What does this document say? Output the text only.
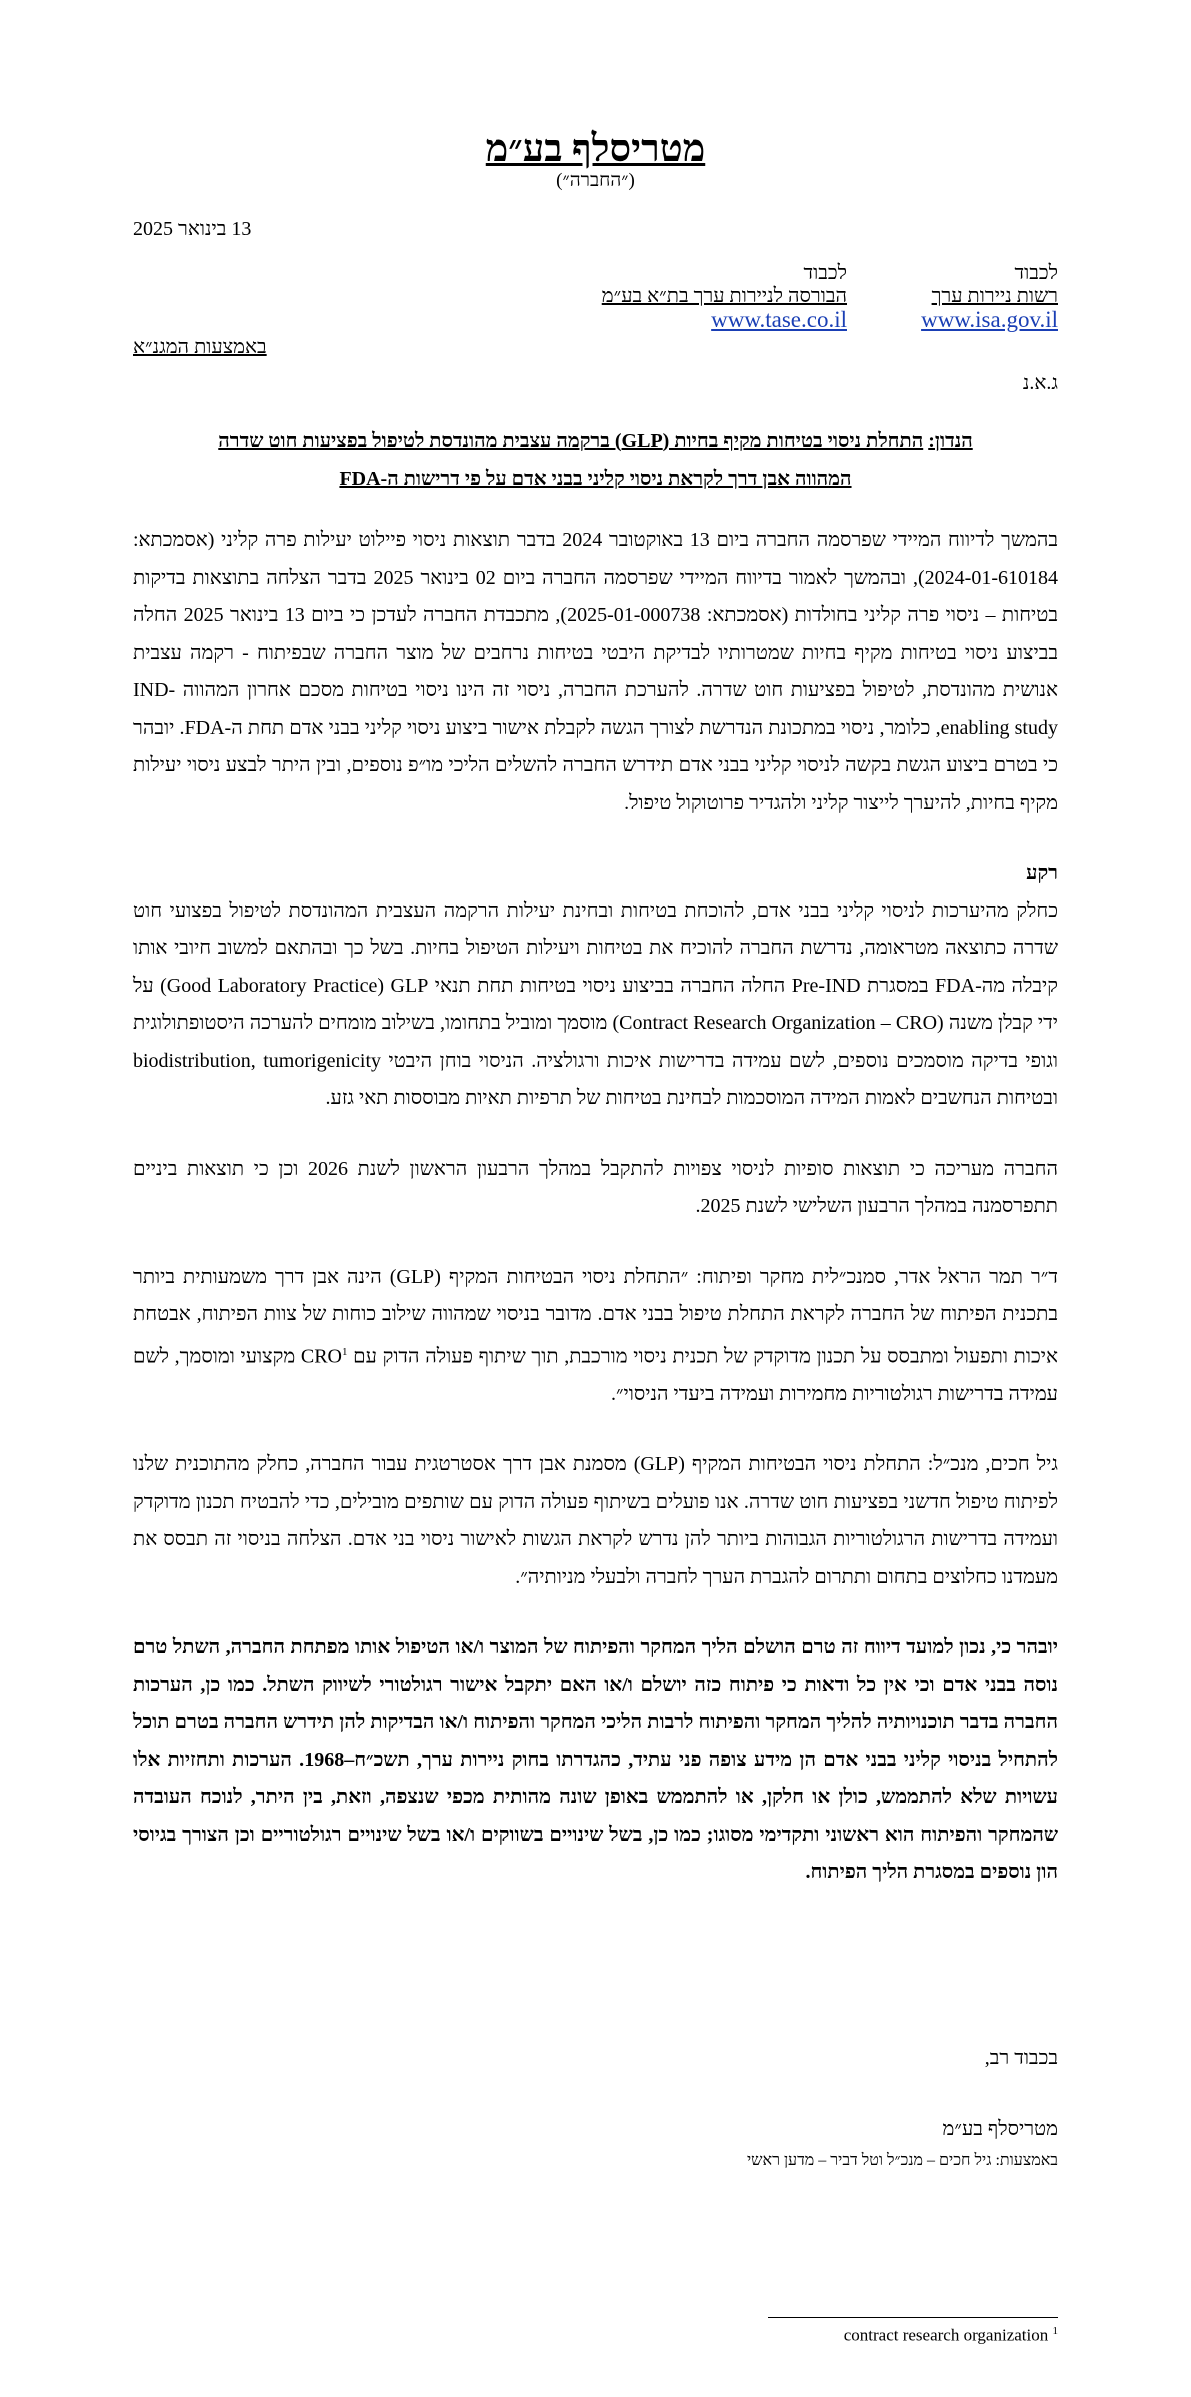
מטריסלף בע״מ
(״החברה״)
13 בינואר 2025
לכבוד
רשות ניירות ערך
www.isa.gov.il
לכבוד
הבורסה לניירות ערך בת״א בע״מ
www.tase.co.il
באמצעות המגנ״א
ג.א.נ
הנדון: התחלת ניסוי בטיחות מקיף בחיות (GLP) ברקמה עצבית מהונדסת לטיפול בפציעות חוט שדרה
המהווה אבן דרך לקראת ניסוי קליני בבני אדם על פי דרישות ה-FDA

בהמשך לדיווח המיידי שפרסמה החברה ביום 13 באוקטובר 2024 בדבר תוצאות ניסוי פיילוט יעילות פרה קליני (אסמכתא: 2024-01-610184), ובהמשך לאמור בדיווח המיידי שפרסמה החברה ביום 02 בינואר 2025 בדבר הצלחה בתוצאות בדיקות בטיחות – ניסוי פרה קליני בחולדות (אסמכתא: 2025-01-000738), מתכבדת החברה לעדכן כי ביום 13 בינואר 2025 החלה בביצוע ניסוי בטיחות מקיף בחיות שמטרותיו לבדיקת היבטי בטיחות נרחבים של מוצר החברה שבפיתוח - רקמה עצבית אנושית מהונדסת, לטיפול בפציעות חוט שדרה. להערכת החברה, ניסוי זה הינו ניסוי בטיחות מסכם אחרון המהווה IND-enabling study, כלומר, ניסוי במתכונת הנדרשת לצורך הגשה לקבלת אישור ביצוע ניסוי קליני בבני אדם תחת ה-FDA. יובהר כי בטרם ביצוע הגשת בקשה לניסוי קליני בבני אדם תידרש החברה להשלים הליכי מו״פ נוספים, ובין היתר לבצע ניסוי יעילות מקיף בחיות, להיערך לייצור קליני ולהגדיר פרוטוקול טיפול.

רקע

כחלק מהיערכות לניסוי קליני בבני אדם, להוכחת בטיחות ובחינת יעילות הרקמה העצבית המהונדסת לטיפול בפצועי חוט שדרה כתוצאה מטראומה, נדרשת החברה להוכיח את בטיחות ויעילות הטיפול בחיות. בשל כך ובהתאם למשוב חיובי אותו קיבלה מה-FDA במסגרת Pre-IND החלה החברה בביצוע ניסוי בטיחות תחת תנאי Good Laboratory Practice) GLP) על ידי קבלן משנה (Contract Research Organization – CRO) מוסמך ומוביל בתחומו, בשילוב מומחים להערכה היסטופתולוגית וגופי בדיקה מוסמכים נוספים, לשם עמידה בדרישות איכות ורגולציה. הניסוי בוחן היבטי biodistribution, tumorigenicity ובטיחות הנחשבים לאמות המידה המוסכמות לבחינת בטיחות של תרפיות תאיות מבוססות תאי גזע.

החברה מעריכה כי תוצאות סופיות לניסוי צפויות להתקבל במהלך הרבעון הראשון לשנת 2026 וכן כי תוצאות ביניים תתפרסמנה במהלך הרבעון השלישי לשנת 2025.

ד״ר תמר הראל אדר, סמנכ״לית מחקר ופיתוח: ״התחלת ניסוי הבטיחות המקיף (GLP) הינה אבן דרך משמעותית ביותר בתכנית הפיתוח של החברה לקראת התחלת טיפול בבני אדם. מדובר בניסוי שמהווה שילוב כוחות של צוות הפיתוח, אבטחת איכות ותפעול ומתבסס על תכנון מדוקדק של תכנית ניסוי מורכבת, תוך שיתוף פעולה הדוק עם CRO$^1$ מקצועי ומוסמך, לשם עמידה בדרישות רגולטוריות מחמירות ועמידה ביעדי הניסוי״.

גיל חכים, מנכ״ל: התחלת ניסוי הבטיחות המקיף (GLP) מסמנת אבן דרך אסטרטגית עבור החברה, כחלק מהתוכנית שלנו לפיתוח טיפול חדשני בפציעות חוט שדרה. אנו פועלים בשיתוף פעולה הדוק עם שותפים מובילים, כדי להבטיח תכנון מדוקדק ועמידה בדרישות הרגולטוריות הגבוהות ביותר להן נדרש לקראת הגשות לאישור ניסוי בני אדם. הצלחה בניסוי זה תבסס את מעמדנו כחלוצים בתחום ותתרום להגברת הערך לחברה ולבעלי מניותיה״.

יובהר כי, נכון למועד דיווח זה טרם הושלם הליך המחקר והפיתוח של המוצר ו/או הטיפול אותו מפתחת החברה, השתל טרם נוסה בבני אדם וכי אין כל ודאות כי פיתוח כזה יושלם ו/או האם יתקבל אישור רגולטורי לשיווק השתל. כמו כן, הערכות החברה בדבר תוכנויותיה להליך המחקר והפיתוח לרבות הליכי המחקר והפיתוח ו/או הבדיקות להן תידרש החברה בטרם תוכל להתחיל בניסוי קליני בבני אדם הן מידע צופה פני עתיד, כהגדרתו בחוק ניירות ערך, תשכ״ח–1968. הערכות ותחזיות אלו עשויות שלא להתממש, כולן או חלקן, או להתממש באופן שונה מהותית מכפי שנצפה, וזאת, בין היתר, לנוכח העובדה שהמחקר והפיתוח הוא ראשוני ותקדימי מסוגו; כמו כן, בשל שינויים בשווקים ו/או בשל שינויים רגולטוריים וכן הצורך בגיוסי הון נוספים במסגרת הליך הפיתוח.

בכבוד רב,
מטריסלף בע״מ
באמצעות: גיל חכים – מנכ״ל וטל דביר – מדען ראשי
contract research organization $^1$
